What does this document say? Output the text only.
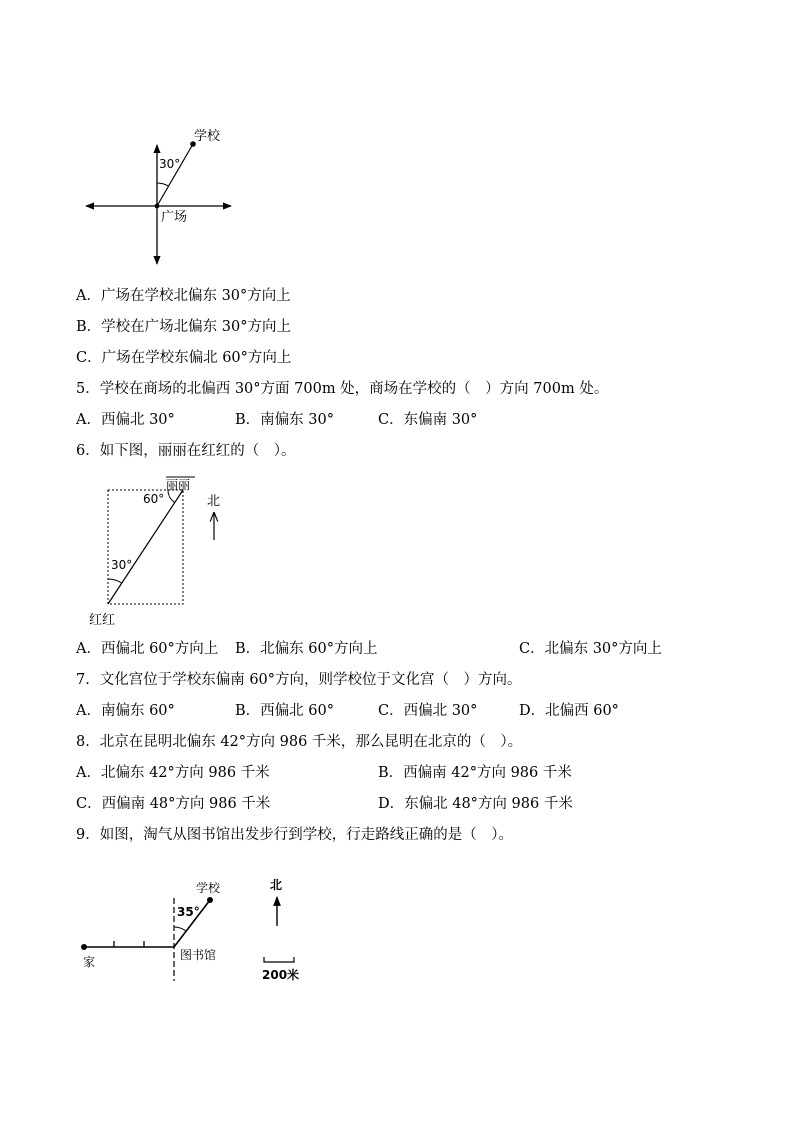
学校
30°
广场
A．广场在学校北偏东 30°方向上
B．学校在广场北偏东 30°方向上
C．广场在学校东偏北 60°方向上
5．学校在商场的北偏西 30°方面 700m 处，商场在学校的（　）方向 700m 处。
A．西偏北 30°	B．南偏东 30°	C．东偏南 30°
6．如下图，丽丽在红红的（　）。
丽丽
60°
30°
红红
北
A．西偏北 60°方向上 B．北偏东 60°方向上	C．北偏东 30°方向上
7．文化宫位于学校东偏南 60°方向，则学校位于文化宫（　）方向。
A．南偏东 60°	B．西偏北 60°	C．西偏北 30°	D．北偏西 60°
8．北京在昆明北偏东 42°方向 986 千米，那么昆明在北京的（　）。
A．北偏东 42°方向 986 千米	B．西偏南 42°方向 986 千米
C．西偏南 48°方向 986 千米	D．东偏北 48°方向 986 千米
9．如图，淘气从图书馆出发步行到学校，行走路线正确的是（　）。
学校
35°
图书馆
家
北
200米
